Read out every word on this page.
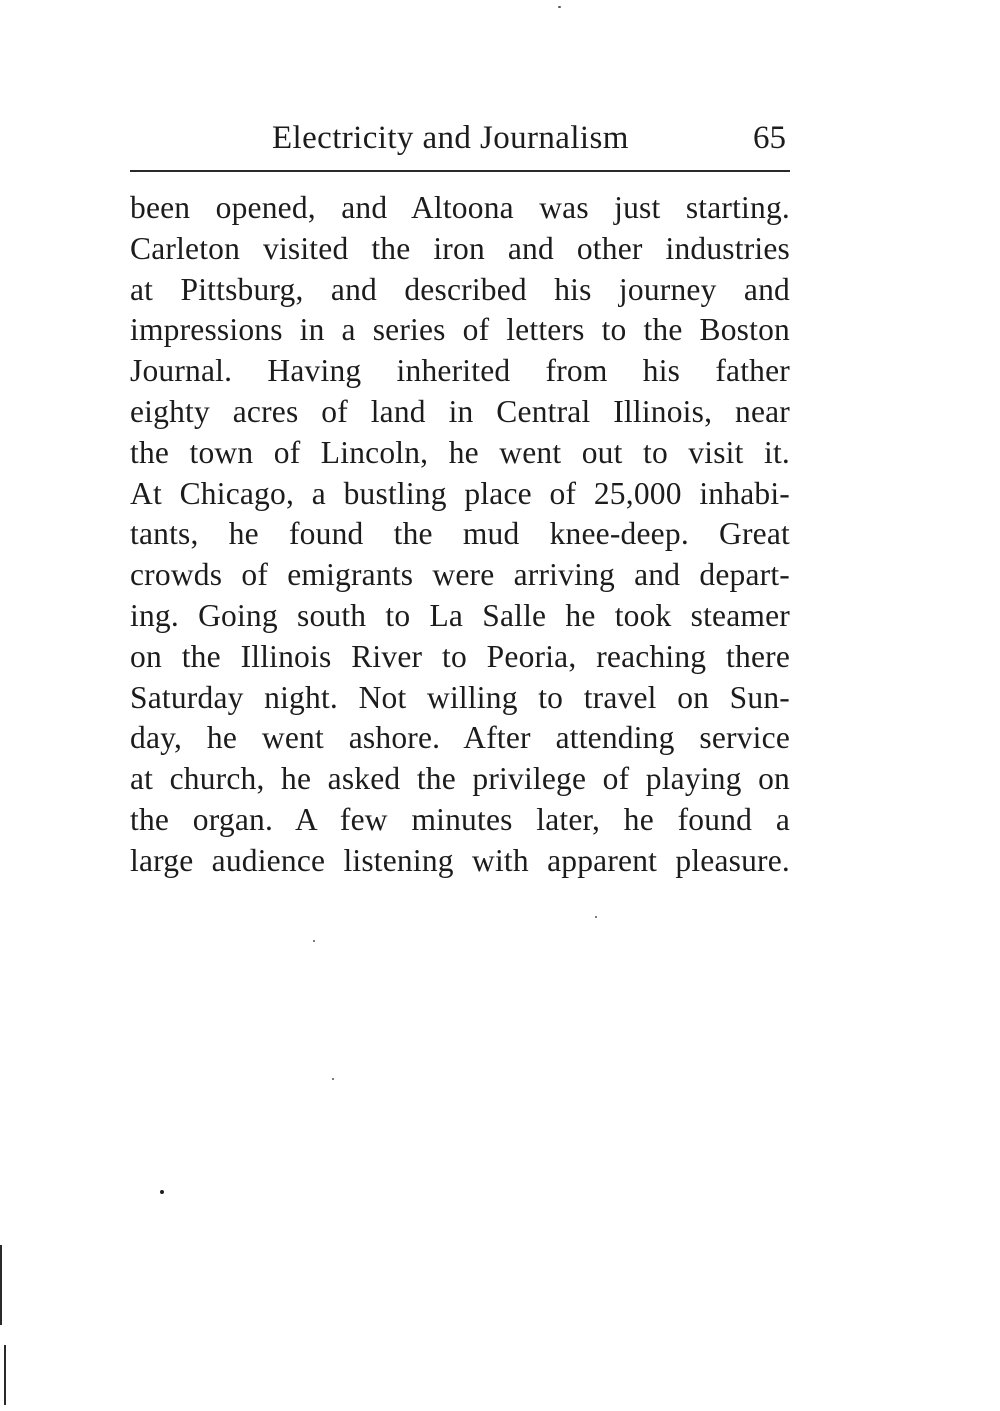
Electricity and Journalism	65
been opened, and Altoona was just starting.
Carleton visited the iron and other industries
at Pittsburg, and described his journey and
impressions in a series of letters to the Boston
Journal. Having inherited from his father
eighty acres of land in Central Illinois, near
the town of Lincoln, he went out to visit it.
At Chicago, a bustling place of 25,000 inhabi-
tants, he found the mud knee-deep. Great
crowds of emigrants were arriving and depart-
ing. Going south to La Salle he took steamer
on the Illinois River to Peoria, reaching there
Saturday night. Not willing to travel on Sun-
day, he went ashore. After attending service
at church, he asked the privilege of playing on
the organ. A few minutes later, he found a
large audience listening with apparent pleasure.
